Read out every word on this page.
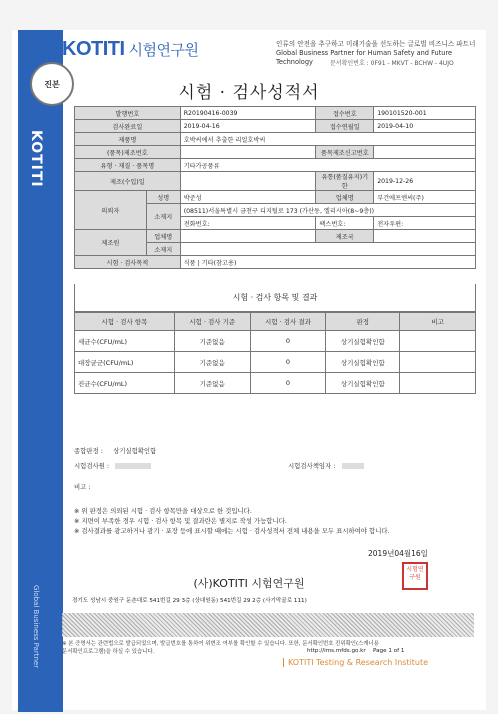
KOTITI
Global Business Partner
KOTITI 시험연구원	인류의 안전을 추구하고 미래기술을 선도하는 글로벌 비즈니스 파트너
Global Business Partner for Human Safety and Future Technology	문서확인번호 : 0F91 - MKVT - BCHW - 4UJO
진본	시험 · 검사성적서
발행번호		R20190416-0039	접수번호	190101520-001
검사완료일		2019-04-16	접수연월일	2019-04-10
제품명		호박씨에서 추출한 리얼호박씨		
(품목)제조번호			품목제조신고번호	
유형 · 재질 · 품목명		기타가공품류		
제조(수입)일			유통(품질유지)기한	2019-12-26
의뢰자	성명	박준성	업체명	부건에프엔씨(주)
	소재지	(08511)서울특별시 금천구 디지털로 173 (가산동, 엘리시아(8~9층))		
		전화번호:	팩스번호:	전자우편:
제조원	업체명		제조국	
	소재지			
시험 · 검사목적		식품 | 기타(참고용)		
시험 · 검사 항목 및 결과
시험 · 검사 항목	시험 · 검사 기준	시험 · 검사 결과	판정	비고
세균수(CFU/mL)	기준없음	0	상기실험확인함	
대장균군(CFU/mL)	기준없음	0	상기실험확인함	
진균수(CFU/mL)	기준없음	0	상기실험확인함	
종합판정 : 상기실험확인함
시험검사원 :	시험검사책임자 :
비고 :
※ 위 판정은 의뢰된 시험 · 검사 항목만을 대상으로 한 것입니다.
※ 지면이 부족한 경우 시험 · 검사 항목 및 결과란은 별지로 작성 가능합니다.
※ 검사결과를 광고하거나 광기 · 포장 등에 표시할 때에는 시험 · 검사성적서 전체 내용을 모두 표시하여야 합니다.
2019년04월16일
(사)KOTITI 시험연구원
시험연구원
경기도 성남시 중원구 둔촌대로 541번길 29 3층 (상대원동) 541번길 29 2층 (사기막골로 111)
※ 본 증명서는 관련법으로 발급되었으며, 발급번호를 통하여 위변조 여부를 확인할 수 있습니다. 또한, 문서확인번호 진위확인(스캐너용 문서확인프로그램)을 하실 수 있습니다.	http://ims.mfds.go.kr Page 1 of 1
KOTITI Testing & Research Institute
